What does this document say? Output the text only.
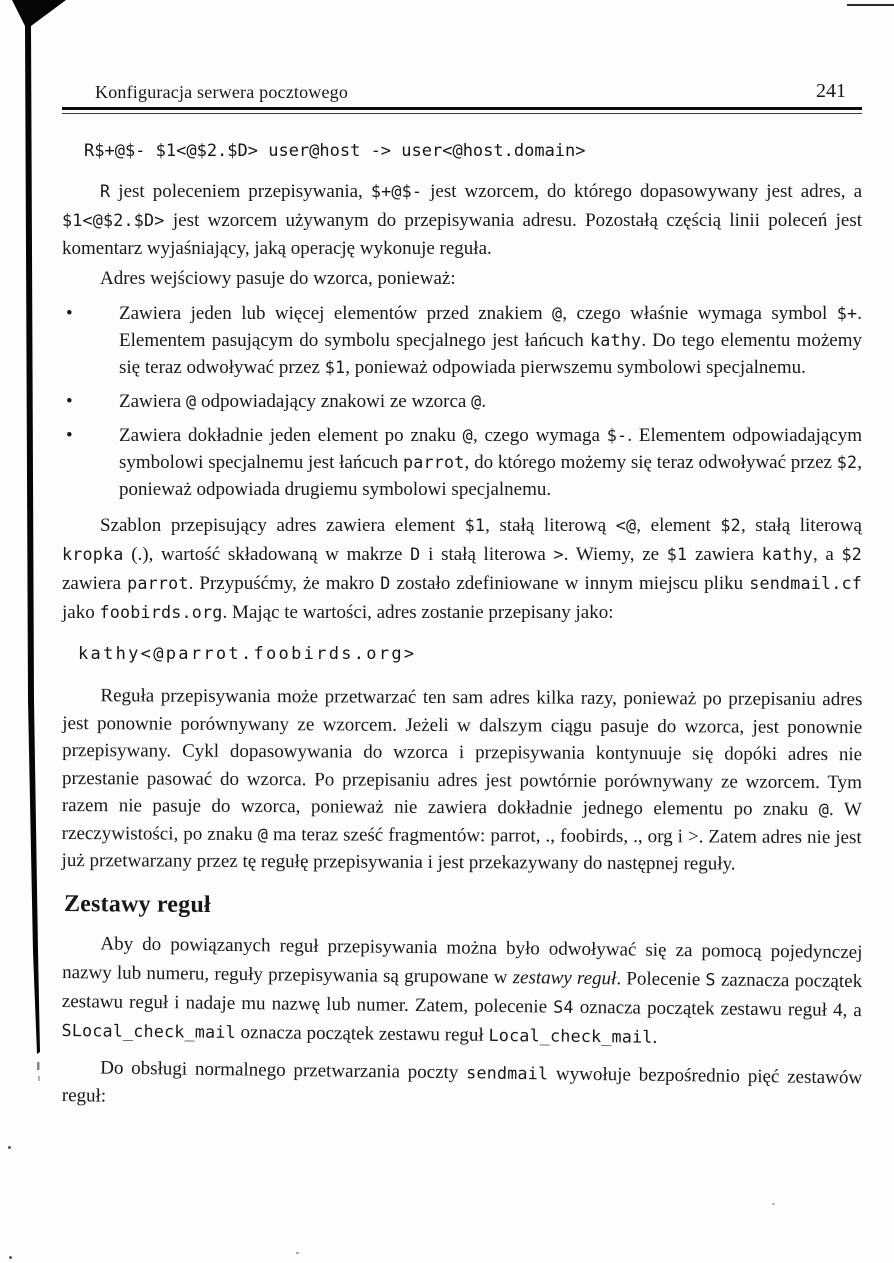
Konfiguracja serwera pocztowego	241
R$+@$- $1<@$2.$D> user@host -> user<@host.domain>

R jest poleceniem przepisywania, $+@$- jest wzorcem, do którego dopasowywany jest adres, a $1<@$2.$D> jest wzorcem używanym do przepisywania adresu. Pozostałą częścią linii poleceń jest komentarz wyjaśniający, jaką operację wykonuje reguła.

Adres wejściowy pasuje do wzorca, ponieważ:

•	Zawiera jeden lub więcej elementów przed znakiem @, czego właśnie wymaga symbol $+. Elementem pasującym do symbolu specjalnego jest łańcuch kathy. Do tego elementu możemy się teraz odwoływać przez $1, ponieważ odpowiada pierwszemu symbolowi specjalnemu.

•	Zawiera @ odpowiadający znakowi ze wzorca @.

•	Zawiera dokładnie jeden element po znaku @, czego wymaga $-. Elementem odpowiadającym symbolowi specjalnemu jest łańcuch parrot, do którego możemy się teraz odwoływać przez $2, ponieważ odpowiada drugiemu symbolowi specjalnemu.

Szablon przepisujący adres zawiera element $1, stałą literową <@, element $2, stałą literową kropka (.), wartość składowaną w makrze D i stałą literowa >. Wiemy, ze $1 zawiera kathy, a $2 zawiera parrot. Przypuśćmy, że makro D zostało zdefiniowane w innym miejscu pliku sendmail.cf jako foobirds.org. Mając te wartości, adres zostanie przepisany jako:

kathy<@parrot.foobirds.org>

Reguła przepisywania może przetwarzać ten sam adres kilka razy, ponieważ po przepisaniu adres jest ponownie porównywany ze wzorcem. Jeżeli w dalszym ciągu pasuje do wzorca, jest ponownie przepisywany. Cykl dopasowywania do wzorca i przepisywania kontynuuje się dopóki adres nie przestanie pasować do wzorca. Po przepisaniu adres jest powtórnie porównywany ze wzorcem. Tym razem nie pasuje do wzorca, ponieważ nie zawiera dokładnie jednego elementu po znaku @. W rzeczywistości, po znaku @ ma teraz sześć fragmentów: parrot, ., foobirds, ., org i >. Zatem adres nie jest już przetwarzany przez tę regułę przepisywania i jest przekazywany do następnej reguły.

Zestawy reguł

Aby do powiązanych reguł przepisywania można było odwoływać się za pomocą pojedynczej nazwy lub numeru, reguły przepisywania są grupowane w zestawy reguł. Polecenie S zaznacza początek zestawu reguł i nadaje mu nazwę lub numer. Zatem, polecenie S4 oznacza początek zestawu reguł 4, a SLocal_check_mail oznacza początek zestawu reguł Local_check_mail.

Do obsługi normalnego przetwarzania poczty sendmail wywołuje bezpośrednio pięć zestawów reguł:
